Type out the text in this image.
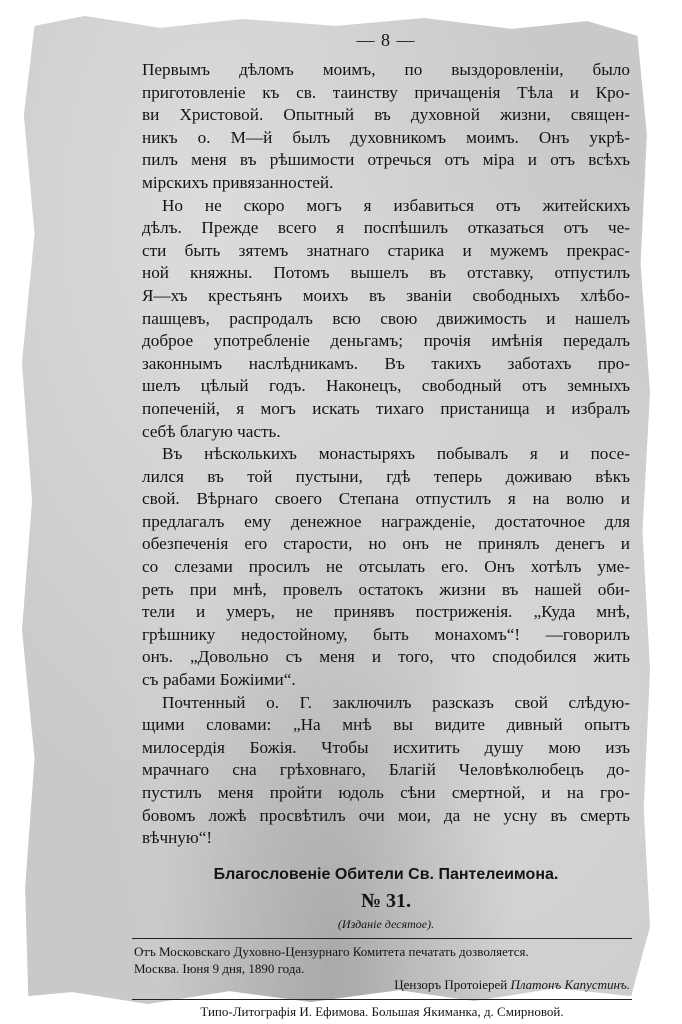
— 8 —

Первымъ дѣломъ моимъ, по выздоровленіи, было
приготовленіе къ св. таинству причащенія Тѣла и Кро-
ви Христовой. Опытный въ духовной жизни, священ-
никъ о. М—й былъ духовникомъ моимъ. Онъ укрѣ-
пилъ меня въ рѣшимости отречься отъ міра и отъ всѣхъ
мірскихъ привязанностей.

Но не скоро могъ я избавиться отъ житейскихъ
дѣлъ. Прежде всего я поспѣшилъ отказаться отъ че-
сти быть зятемъ знатнаго старика и мужемъ прекрас-
ной княжны. Потомъ вышелъ въ отставку, отпустилъ
Я—хъ крестьянъ моихъ въ званіи свободныхъ хлѣбо-
пашцевъ, распродалъ всю свою движимость и нашелъ
доброе употребленіе деньгамъ; прочія имѣнія передалъ
законнымъ наслѣдникамъ. Въ такихъ заботахъ про-
шелъ цѣлый годъ. Наконецъ, свободный отъ земныхъ
попеченій, я могъ искать тихаго пристанища и избралъ
себѣ благую часть.

Въ нѣсколькихъ монастыряхъ побывалъ я и посе-
лился въ той пустыни, гдѣ теперь доживаю вѣкъ
свой. Вѣрнаго своего Степана отпустилъ я на волю и
предлагалъ ему денежное награжденіе, достаточное для
обезпеченія его старости, но онъ не принялъ денегъ и
со слезами просилъ не отсылать его. Онъ хотѣлъ уме-
реть при мнѣ, провелъ остатокъ жизни въ нашей оби-
тели и умеръ, не принявъ постриженія. „Куда мнѣ,
грѣшнику недостойному, быть монахомъ“! —говорилъ
онъ. „Довольно съ меня и того, что сподобился жить
съ рабами Божіими“.

Почтенный о. Г. заключилъ разсказъ свой слѣдую-
щими словами: „На мнѣ вы видите дивный опытъ
милосердія Божія. Чтобы исхитить душу мою изъ
мрачнаго сна грѣховнаго, Благій Человѣколюбецъ до-
пустилъ меня пройти юдоль сѣни смертной, и на гро-
бовомъ ложѣ просвѣтилъ очи мои, да не усну въ смерть
вѣчную“!

Благословеніе Обители Св. Пантелеимона.
№ 31.
(Изданіе десятое).
Отъ Московскаго Духовно-Цензурнаго Комитета печатать дозволяется.
Москва. Іюня 9 дня, 1890 года.
Цензоръ Протоіерей Платонъ Капустинъ.
Типо-Литографія И. Ефимова. Большая Якиманка, д. Смирновой.
